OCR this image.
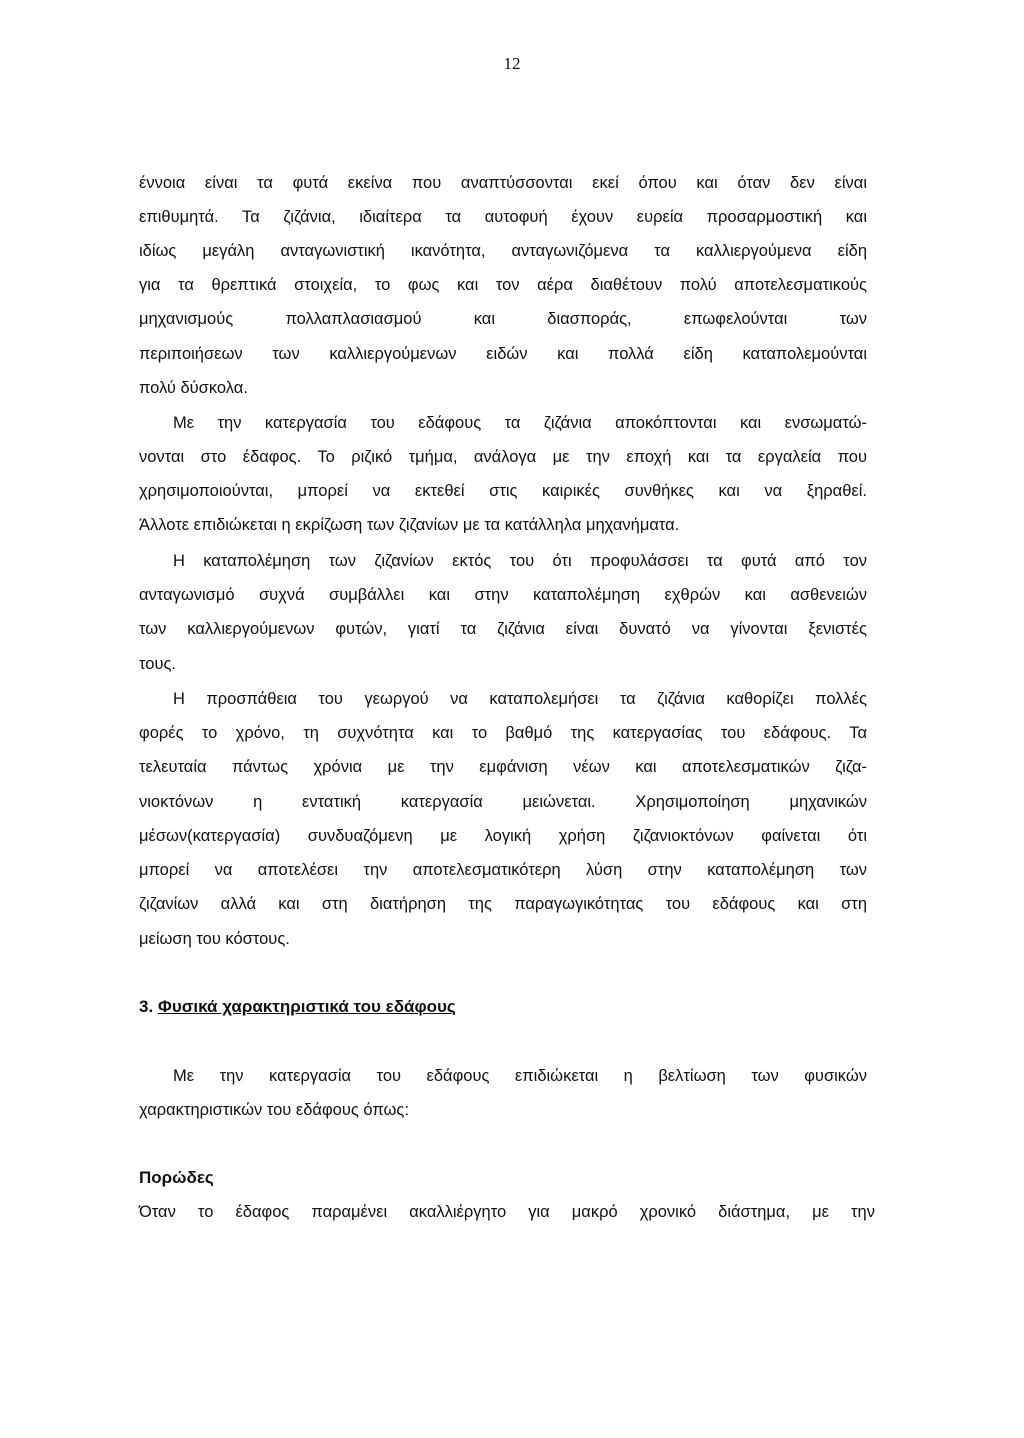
12
έννοια είναι τα φυτά εκείνα που αναπτύσσονται εκεί όπου και όταν δεν είναι
επιθυμητά. Τα ζιζάνια, ιδιαίτερα τα αυτοφυή έχουν ευρεία προσαρμοστική και
ιδίως μεγάλη ανταγωνιστική ικανότητα, ανταγωνιζόμενα τα καλλιεργούμενα είδη
για τα θρεπτικά στοιχεία, το φως και τον αέρα διαθέτουν πολύ αποτελεσματικούς
μηχανισμούς πολλαπλασιασμού και διασποράς, επωφελούνται των
περιποιήσεων των καλλιεργούμενων ειδών και πολλά είδη καταπολεμούνται
πολύ δύσκολα.
Με την κατεργασία του εδάφους τα ζιζάνια αποκόπτονται και ενσωματώ-
νονται στο έδαφος. Το ριζικό τμήμα, ανάλογα με την εποχή και τα εργαλεία που
χρησιμοποιούνται, μπορεί να εκτεθεί στις καιρικές συνθήκες και να ξηραθεί.
Άλλοτε επιδιώκεται η εκρίζωση των ζιζανίων με τα κατάλληλα μηχανήματα.
Η καταπολέμηση των ζιζανίων εκτός του ότι προφυλάσσει τα φυτά από τον
ανταγωνισμό συχνά συμβάλλει και στην καταπολέμηση εχθρών και ασθενειών
των καλλιεργούμενων φυτών, γιατί τα ζιζάνια είναι δυνατό να γίνονται ξενιστές
τους.
Η προσπάθεια του γεωργού να καταπολεμήσει τα ζιζάνια καθορίζει πολλές
φορές το χρόνο, τη συχνότητα και το βαθμό της κατεργασίας του εδάφους. Τα
τελευταία πάντως χρόνια με την εμφάνιση νέων και αποτελεσματικών ζιζα-
νιοκτόνων η εντατική κατεργασία μειώνεται. Χρησιμοποίηση μηχανικών
μέσων(κατεργασία) συνδυαζόμενη με λογική χρήση ζιζανιοκτόνων φαίνεται ότι
μπορεί να αποτελέσει την αποτελεσματικότερη λύση στην καταπολέμηση των
ζιζανίων αλλά και στη διατήρηση της παραγωγικότητας του εδάφους και στη
μείωση του κόστους.
3. Φυσικά χαρακτηριστικά του εδάφους
Με την κατεργασία του εδάφους επιδιώκεται η βελτίωση των φυσικών
χαρακτηριστικών του εδάφους όπως:
Πορώδες
Όταν το έδαφος παραμένει ακαλλιέργητο για μακρό χρονικό διάστημα, με την
